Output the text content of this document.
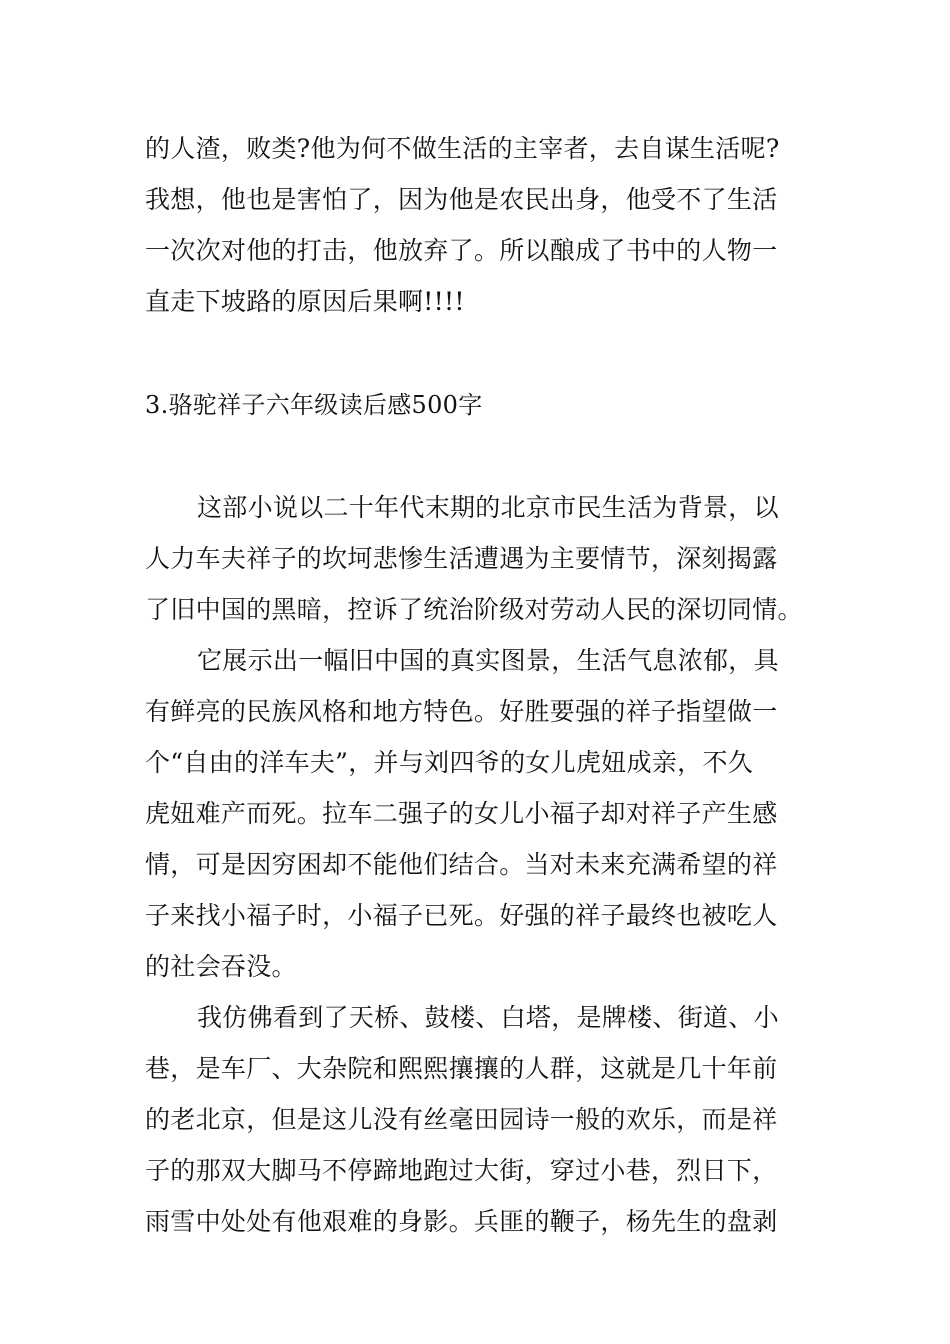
的人渣，败类?他为何不做生活的主宰者，去自谋生活呢?
我想，他也是害怕了，因为他是农民出身，他受不了生活
一次次对他的打击，他放弃了。所以酿成了书中的人物一
直走下坡路的原因后果啊!!!!
3.骆驼祥子六年级读后感500字
这部小说以二十年代末期的北京市民生活为背景，以
人力车夫祥子的坎坷悲惨生活遭遇为主要情节，深刻揭露
了旧中国的黑暗，控诉了统治阶级对劳动人民的深切同情。
它展示出一幅旧中国的真实图景，生活气息浓郁，具
有鲜亮的民族风格和地方特色。好胜要强的祥子指望做一
个“自由的洋车夫”，并与刘四爷的女儿虎妞成亲，不久
虎妞难产而死。拉车二强子的女儿小福子却对祥子产生感
情，可是因穷困却不能他们结合。当对未来充满希望的祥
子来找小福子时，小福子已死。好强的祥子最终也被吃人
的社会吞没。
我仿佛看到了天桥、鼓楼、白塔，是牌楼、街道、小
巷，是车厂、大杂院和熙熙攘攘的人群，这就是几十年前
的老北京，但是这儿没有丝毫田园诗一般的欢乐，而是祥
子的那双大脚马不停蹄地跑过大街，穿过小巷，烈日下，
雨雪中处处有他艰难的身影。兵匪的鞭子，杨先生的盘剥
